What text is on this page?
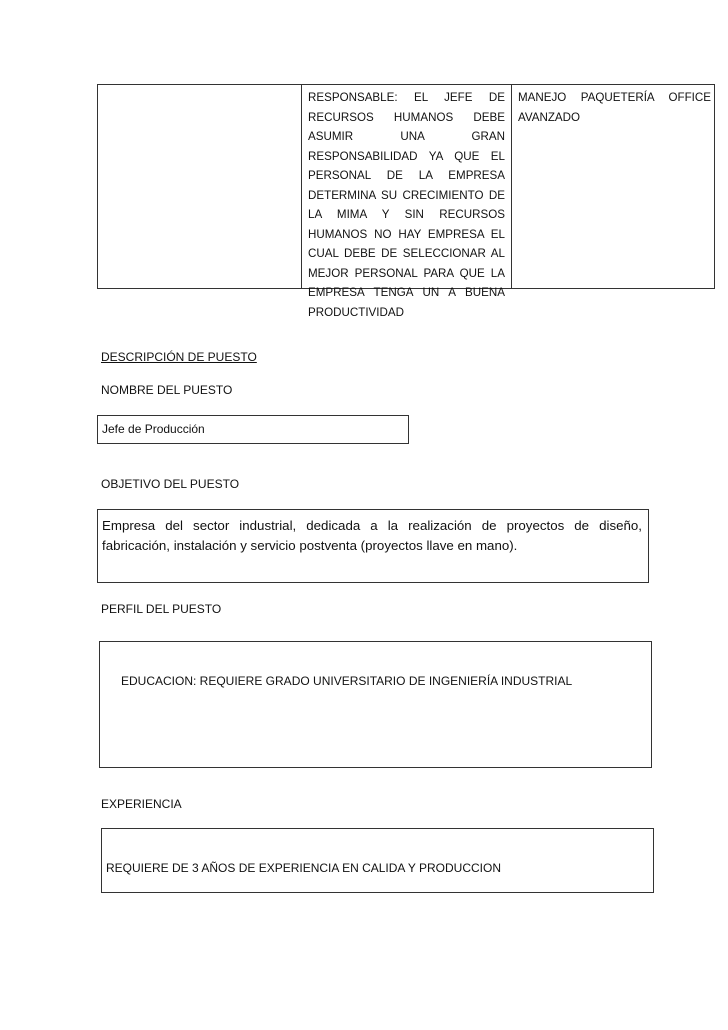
RESPONSABLE: EL JEFE DE RECURSOS HUMANOS DEBE ASUMIR UNA GRAN RESPONSABILIDAD YA QUE EL PERSONAL DE LA EMPRESA DETERMINA SU CRECIMIENTO DE LA MIMA Y SIN RECURSOS HUMANOS NO HAY EMPRESA EL CUAL DEBE DE SELECCIONAR AL MEJOR PERSONAL PARA QUE LA EMPRESA TENGA UN A BUENA PRODUCTIVIDAD

MANEJO PAQUETERÍA OFFICE AVANZADO

DESCRIPCIÓN DE PUESTO

NOMBRE DEL PUESTO

Jefe de Producción

OBJETIVO DEL PUESTO

Empresa del sector industrial, dedicada a la realización de proyectos de diseño, fabricación, instalación y servicio postventa (proyectos llave en mano).

PERFIL DEL PUESTO

EDUCACION: REQUIERE GRADO UNIVERSITARIO DE INGENIERÍA INDUSTRIAL

EXPERIENCIA

REQUIERE DE 3 AÑOS DE EXPERIENCIA EN CALIDA Y PRODUCCION
